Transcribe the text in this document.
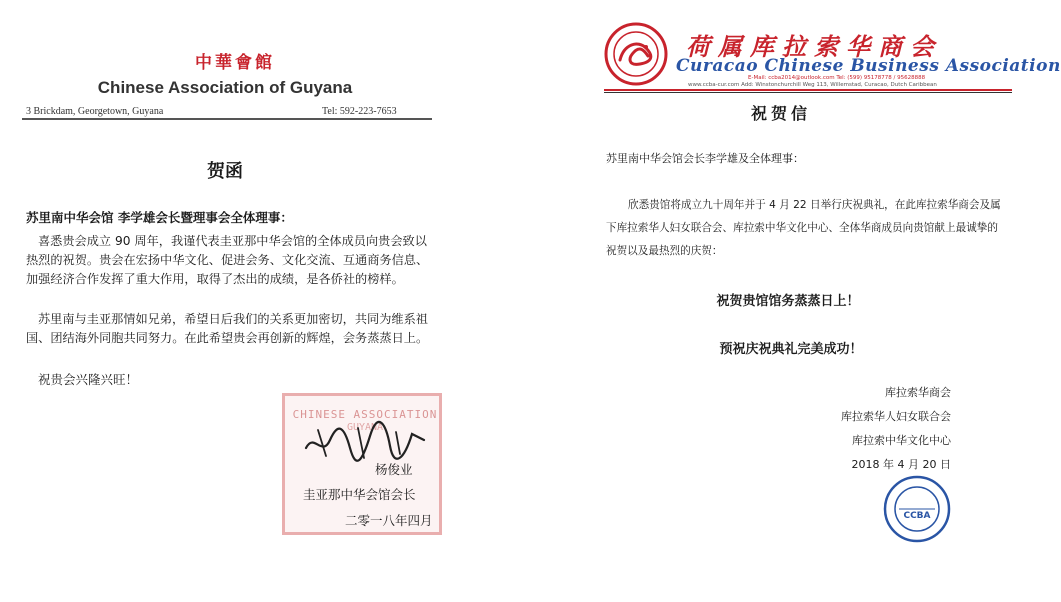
中華會館
Chinese Association of Guyana
3 Brickdam, Georgetown, Guyana	Tel: 592-223-7653
贺函
苏里南中华会馆 李学雄会长暨理事会全体理事：

喜悉贵会成立 90 周年，我谨代表圭亚那中华会馆的全体成员向贵会致以热烈的祝贺。贵会在宏扬中华文化、促进会务、文化交流、互通商务信息、加强经济合作发挥了重大作用，取得了杰出的成绩，是各侨社的榜样。

苏里南与圭亚那情如兄弟，希望日后我们的关系更加密切，共同为维系祖国、团结海外同胞共同努力。在此希望贵会再创新的辉煌，会务蒸蒸日上。

祝贵会兴隆兴旺！
CHINESE ASSOCIATION
GUYANA
杨俊业
圭亚那中华会馆会长
二零一八年四月
荷属库拉索华商会
Curacao Chinese Business Association
E-Mail: ccba2014@outlook.com Tel: (599) 95178778 / 95628888
www.ccba-cur.com Add: Winstonchurchill Weg 113, Willemstad, Curacao, Dutch Caribbean
祝贺信
苏里南中华会馆会长李学雄及全体理事：

欣悉贵馆将成立九十周年并于 4 月 22 日举行庆祝典礼，在此库拉索华商会及属下库拉索华人妇女联合会、库拉索中华文化中心、全体华商成员向贵馆献上最诚挚的祝贺以及最热烈的庆贺：

祝贺贵馆馆务蒸蒸日上！
预祝庆祝典礼完美成功！
库拉索华商会
库拉索华人妇女联合会
库拉索中华文化中心
2018 年 4 月 20 日
CCBA
